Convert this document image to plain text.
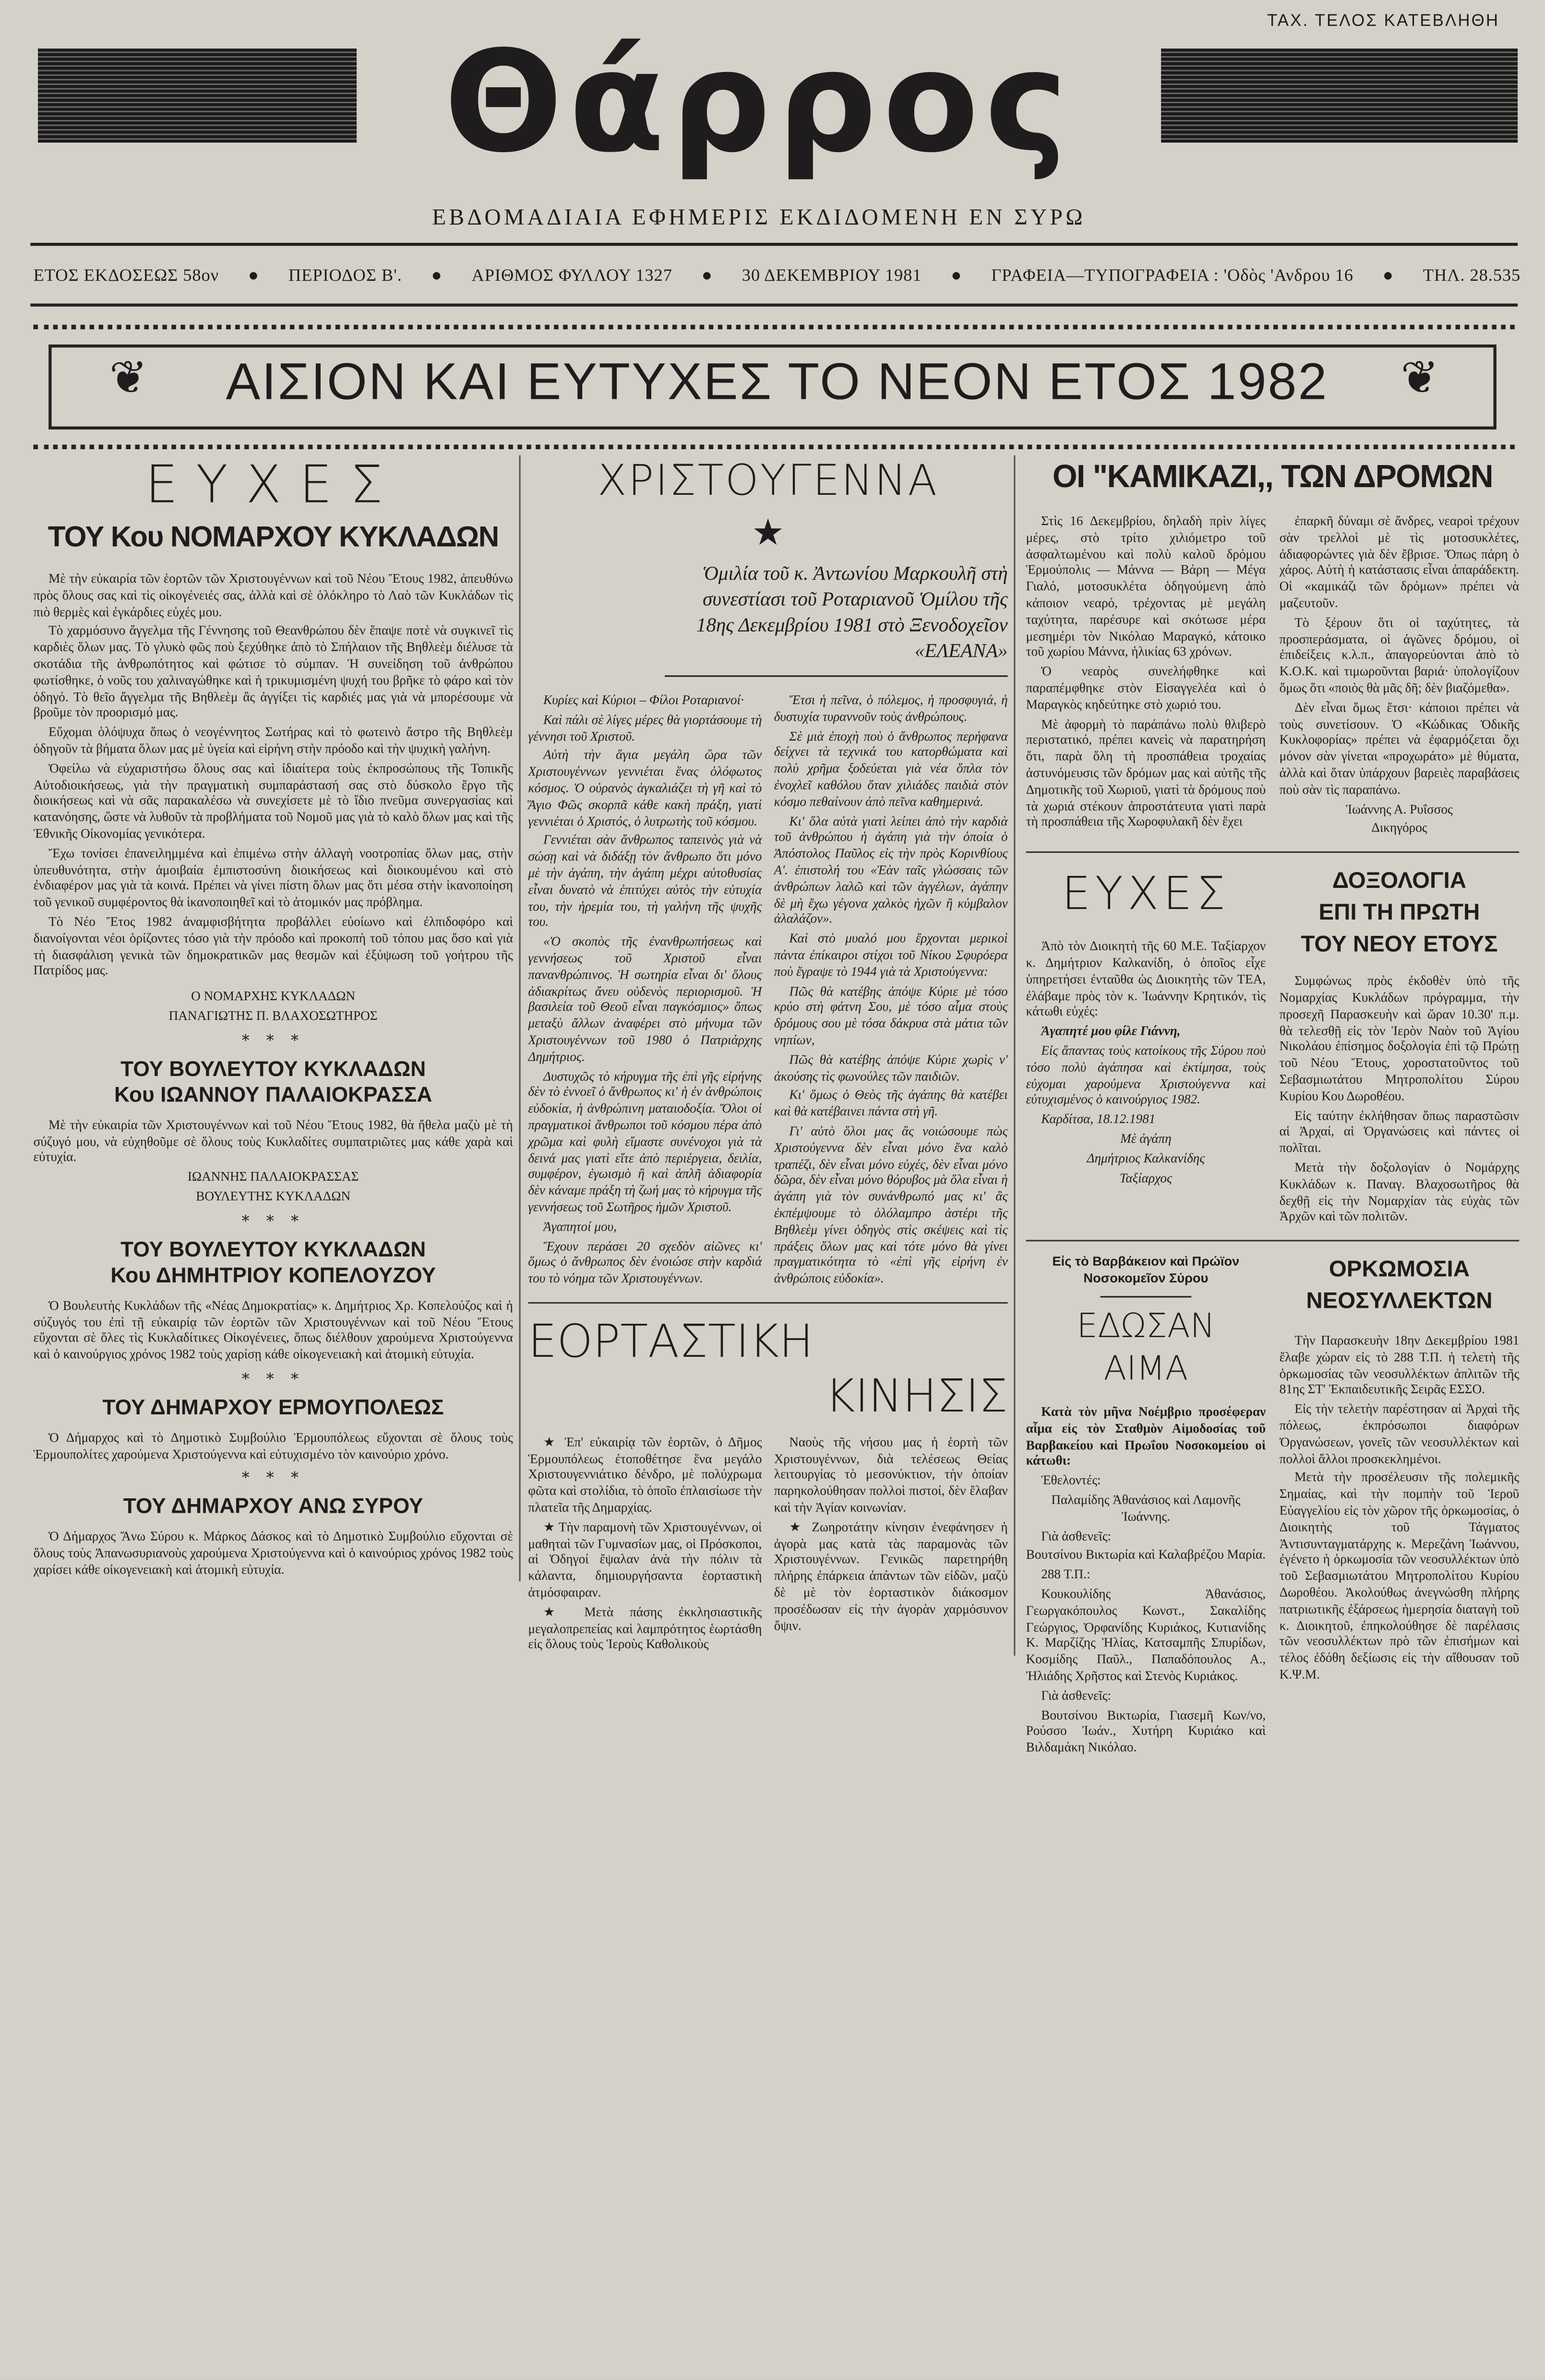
ΤΑΧ. ΤΕΛΟΣ ΚΑΤΕΒΛΗΘΗ
Θάρρος
ΕΒΔΟΜΑΔΙΑΙΑ ΕΦΗΜΕΡΙΣ ΕΚΔΙΔΟΜΕΝΗ ΕΝ ΣΥΡΩ
ΕΤΟΣ ΕΚΔΟΣΕΩΣ 58ον	●	ΠΕΡΙΟΔΟΣ Β'.	●	ΑΡΙΘΜΟΣ ΦΥΛΛΟΥ 1327	●	30 ΔΕΚΕΜΒΡΙΟΥ 1981	●	ΓΡΑΦΕΙΑ—ΤΥΠΟΓΡΑΦΕΙΑ : 'Οδὸς 'Ανδρου 16	●	ΤΗΛ. 28.535
❦	❦
ΑΙΣΙΟΝ ΚΑΙ ΕΥΤΥΧΕΣ ΤΟ ΝΕΟΝ ΕΤΟΣ 1982
ΕΥΧΕΣ
ΤΟΥ Κου ΝΟΜΑΡΧΟΥ ΚΥΚΛΑΔΩΝ

Μὲ τὴν εὐκαιρία τῶν ἑορτῶν τῶν Χριστουγέννων καὶ τοῦ Νέου Ἔτους 1982, ἀπευθύνω πρὸς ὅλους σας καὶ τὶς οἰκογένειές σας, ἀλλὰ καὶ σὲ ὁλόκληρο τὸ Λαὸ τῶν Κυκλάδων τὶς πιὸ θερμὲς καὶ ἐγκάρδιες εὐχές μου.

Τὸ χαρμόσυνο ἄγγελμα τῆς Γέννησης τοῦ Θεανθρώπου δὲν ἔπαψε ποτὲ νὰ συγκινεῖ τὶς καρδιὲς ὅλων μας. Τὸ γλυκὸ φῶς ποὺ ξεχύθηκε ἀπὸ τὸ Σπήλαιον τῆς Βηθλεὲμ διέλυσε τὰ σκοτάδια τῆς ἀνθρωπότητος καὶ φώτισε τὸ σύμπαν. Ἡ συνείδηση τοῦ ἀνθρώπου φωτίσθηκε, ὁ νοῦς του χαλιναγώθηκε καὶ ἡ τρικυμισμένη ψυχή του βρῆκε τὸ φάρο καὶ τὸν ὁδηγό. Τὸ θεῖο ἄγγελμα τῆς Βηθλεὲμ ἂς ἀγγίξει τὶς καρδιές μας γιὰ νὰ μπορέσουμε νὰ βροῦμε τὸν προορισμό μας.

Εὔχομαι ὁλόψυχα ὅπως ὁ νεογέννητος Σωτήρας καὶ τὸ φωτεινὸ ἄστρο τῆς Βηθλεὲμ ὁδηγοῦν τὰ βήματα ὅλων μας μὲ ὑγεία καὶ εἰρήνη στὴν πρόοδο καὶ τὴν ψυχικὴ γαλήνη.

Ὀφείλω νὰ εὐχαριστήσω ὅλους σας καὶ ἰδιαίτερα τοὺς ἐκπροσώπους τῆς Τοπικῆς Αὐτοδιοικήσεως, γιὰ τὴν πραγματικὴ συμπαράστασή σας στὸ δύσκολο ἔργο τῆς διοικήσεως καὶ νὰ σᾶς παρακαλέσω νὰ συνεχίσετε μὲ τὸ ἴδιο πνεῦμα συνεργασίας καὶ κατανόησης, ὥστε νὰ λυθοῦν τὰ προβλήματα τοῦ Νομοῦ μας γιὰ τὸ καλὸ ὅλων μας καὶ τῆς Ἐθνικῆς Οἰκονομίας γενικότερα.

Ἔχω τονίσει ἐπανειλημμένα καὶ ἐπιμένω στὴν ἀλλαγὴ νοοτροπίας ὅλων μας, στὴν ὑπευθυνότητα, στὴν ἀμοιβαία ἐμπιστοσύνη διοικήσεως καὶ διοικουμένου καὶ στὸ ἐνδιαφέρον μας γιὰ τὰ κοινά. Πρέπει νὰ γίνει πίστη ὅλων μας ὅτι μέσα στὴν ἱκανοποίηση τοῦ γενικοῦ συμφέροντος θὰ ἱκανοποιηθεῖ καὶ τὸ ἀτομικόν μας πρόβλημα.

Τὸ Νέο Ἔτος 1982 ἀναμφισβήτητα προβάλλει εὐοίωνο καὶ ἐλπιδοφόρο καὶ διανοίγονται νέοι ὁρίζοντες τόσο γιὰ τὴν πρόοδο καὶ προκοπὴ τοῦ τόπου μας ὅσο καὶ γιὰ τὴ διασφάλιση γενικὰ τῶν δημοκρατικῶν μας θεσμῶν καὶ ἐξύψωση τοῦ γοήτρου τῆς Πατρίδος μας.

Ο ΝΟΜΑΡΧΗΣ ΚΥΚΛΑΔΩΝ

ΠΑΝΑΓΙΩΤΗΣ Π. ΒΛΑΧΟΣΩΤΗΡΟΣ

* * *
ΤΟΥ ΒΟΥΛΕΥΤΟΥ ΚΥΚΛΑΔΩΝ
Κου ΙΩΑΝΝΟΥ ΠΑΛΑΙΟΚΡΑΣΣΑ

Μὲ τὴν εὐκαιρία τῶν Χριστουγέννων καὶ τοῦ Νέου Ἔτους 1982, θὰ ἤθελα μαζὺ μὲ τὴ σύζυγό μου, νὰ εὐχηθοῦμε σὲ ὅλους τοὺς Κυκλαδίτες συμπατριῶτες μας κάθε χαρὰ καὶ εὐτυχία.

ΙΩΑΝΝΗΣ ΠΑΛΑΙΟΚΡΑΣΣΑΣ

ΒΟΥΛΕΥΤΗΣ ΚΥΚΛΑΔΩΝ

* * *
ΤΟΥ ΒΟΥΛΕΥΤΟΥ ΚΥΚΛΑΔΩΝ
Κου ΔΗΜΗΤΡΙΟΥ ΚΟΠΕΛΟΥΖΟΥ

Ὁ Βουλευτὴς Κυκλάδων τῆς «Νέας Δημοκρατίας» κ. Δημήτριος Χρ. Κοπελούζος καὶ ἡ σύζυγός του ἐπὶ τῇ εὐκαιρίᾳ τῶν ἑορτῶν τῶν Χριστουγέννων καὶ τοῦ Νέου Ἔτους εὔχονται σὲ ὅλες τὶς Κυκλαδίτικες Οἰκογένειες, ὅπως διέλθουν χαρούμενα Χριστούγεννα καὶ ὁ καινούργιος χρόνος 1982 τοὺς χαρίσῃ κάθε οἰκογενειακὴ καὶ ἀτομικὴ εὐτυχία.

* * *
ΤΟΥ ΔΗΜΑΡΧΟΥ ΕΡΜΟΥΠΟΛΕΩΣ

Ὁ Δήμαρχος καὶ τὸ Δημοτικὸ Συμβούλιο Ἑρμουπόλεως εὔχονται σὲ ὅλους τοὺς Ἑρμουπολίτες χαρούμενα Χριστούγεννα καὶ εὐτυχισμένο τὸν καινούριο χρόνο.

* * *
ΤΟΥ ΔΗΜΑΡΧΟΥ ΑΝΩ ΣΥΡΟΥ

Ὁ Δήμαρχος Ἄνω Σύρου κ. Μάρκος Δάσκος καὶ τὸ Δημοτικὸ Συμβούλιο εὔχονται σὲ ὅλους τοὺς Ἀπανωσυριανοὺς χαρούμενα Χριστούγεννα καὶ ὁ καινούριος χρόνος 1982 τοὺς χαρίσει κάθε οἰκογενειακὴ καὶ ἀτομικὴ εὐτυχία.

ΧΡΙΣΤΟΥΓΕΝΝΑ
★
Ὁμιλία τοῦ κ. Ἀντωνίου Μαρκουλῆ στὴ συνεστίασι τοῦ Ροταριανοῦ Ὁμίλου τῆς 18ης Δεκεμβρίου 1981 στὸ Ξενοδοχεῖον «ΕΛΕΑΝΑ»

Κυρίες καὶ Κύριοι – Φίλοι Ροταριανοί·

Καὶ πάλι σὲ λίγες μέρες θὰ γιορτάσουμε τὴ γέννησι τοῦ Χριστοῦ.

Αὐτὴ τὴν ἅγια μεγάλη ὥρα τῶν Χριστουγέννων γεννιέται ἕνας ὁλόφωτος κόσμος. Ὁ οὐρανὸς ἀγκαλιάζει τὴ γῆ καὶ τὸ Ἅγιο Φῶς σκορπᾶ κάθε κακὴ πράξη, γιατὶ γεννιέται ὁ Χριστός, ὁ λυτρωτὴς τοῦ κόσμου.

Γεννιέται σὰν ἄνθρωπος ταπεινὸς γιὰ νὰ σώσῃ καὶ νὰ διδάξῃ τὸν ἄνθρωπο ὅτι μόνο μὲ τὴν ἀγάπη, τὴν ἀγάπη μέχρι αὐτοθυσίας εἶναι δυνατὸ νὰ ἐπιτύχει αὐτὸς τὴν εὐτυχία του, τὴν ἠρεμία του, τὴ γαλήνη τῆς ψυχῆς του.

«Ὁ σκοπὸς τῆς ἐνανθρωπήσεως καὶ γεννήσεως τοῦ Χριστοῦ εἶναι πανανθρώπινος. Ἡ σωτηρία εἶναι δι' ὅλους ἀδιακρίτως ἄνευ οὐδενὸς περιορισμοῦ. Ἡ βασιλεία τοῦ Θεοῦ εἶναι παγκόσμιος» ὅπως μεταξὺ ἄλλων ἀναφέρει στὸ μήνυμα τῶν Χριστουγέννων τοῦ 1980 ὁ Πατριάρχης Δημήτριος.

Δυστυχῶς τὸ κήρυγμα τῆς ἐπὶ γῆς εἰρήνης δὲν τὸ ἐννοεῖ ὁ ἄνθρωπος κι' ἡ ἐν ἀνθρώποις εὐδοκία, ἡ ἀνθρώπινη ματαιοδοξία. Ὅλοι οἱ πραγματικοὶ ἄνθρωποι τοῦ κόσμου πέρα ἀπὸ χρῶμα καὶ φυλὴ εἴμαστε συνένοχοι γιὰ τὰ δεινά μας γιατὶ εἴτε ἀπὸ περιέργεια, δειλία, συμφέρον, ἐγωισμὸ ἢ καὶ ἁπλῆ ἀδιαφορία δὲν κάναμε πράξη τὴ ζωή μας τὸ κήρυγμα τῆς γεννήσεως τοῦ Σωτῆρος ἡμῶν Χριστοῦ.

Ἀγαπητοί μου,

Ἔχουν περάσει 20 σχεδὸν αἰῶνες κι' ὅμως ὁ ἄνθρωπος δὲν ἐνοιώσε στὴν καρδιά του τὸ νόημα τῶν Χριστουγέννων.

Ἔτσι ἡ πεῖνα, ὁ πόλεμος, ἡ προσφυγιά, ἡ δυστυχία τυραννοῦν τοὺς ἀνθρώπους.

Σὲ μιὰ ἐποχὴ ποὺ ὁ ἄνθρωπος περήφανα δείχνει τὰ τεχνικά του κατορθώματα καὶ πολὺ χρῆμα ξοδεύεται γιὰ νέα ὅπλα τὸν ἐνοχλεῖ καθόλου ὅταν χιλιάδες παιδιὰ στὸν κόσμο πεθαίνουν ἀπὸ πεῖνα καθημερινά.

Κι' ὅλα αὐτὰ γιατὶ λείπει ἀπὸ τὴν καρδιὰ τοῦ ἀνθρώπου ἡ ἀγάπη γιὰ τὴν ὁποία ὁ Ἀπόστολος Παῦλος εἰς τὴν πρὸς Κορινθίους Α'. ἐπιστολή του «Ἐὰν ταῖς γλώσσαις τῶν ἀνθρώπων λαλῶ καὶ τῶν ἀγγέλων, ἀγάπην δὲ μὴ ἔχω γέγονα χαλκὸς ἠχῶν ἢ κύμβαλον ἀλαλάζον».

Καὶ στὸ μυαλό μου ἔρχονται μερικοὶ πάντα ἐπίκαιροι στίχοι τοῦ Νίκου Σφυρόερα ποὺ ἔγραψε τὸ 1944 γιὰ τὰ Χριστούγεννα:

Πῶς θὰ κατέβης ἀπόψε Κύριε μὲ τόσο κρύο στὴ φάτνη Σου, μὲ τόσο αἷμα στοὺς δρόμους σου μὲ τόσα δάκρυα στὰ μάτια τῶν νηπίων,

Πῶς θὰ κατέβης ἀπόψε Κύριε χωρὶς ν' ἀκούσης τὶς φωνούλες τῶν παιδιῶν.

Κι' ὅμως ὁ Θεὸς τῆς ἀγάπης θὰ κατέβει καὶ θὰ κατέβαινει πάντα στὴ γῆ.

Γι' αὐτὸ ὅλοι μας ἂς νοιώσουμε πὼς Χριστούγεννα δὲν εἶναι μόνο ἕνα καλὸ τραπέζι, δὲν εἶναι μόνο εὐχές, δὲν εἶναι μόνο δῶρα, δὲν εἶναι μόνο θόρυβος μὰ ὅλα εἶναι ἡ ἀγάπη γιὰ τὸν συνάνθρωπό μας κι' ἂς ἐκπέμψουμε τὸ ὁλόλαμπρο ἀστέρι τῆς Βηθλεὲμ γίνει ὁδηγὸς στὶς σκέψεις καὶ τὶς πράξεις ὅλων μας καὶ τότε μόνο θὰ γίνει πραγματικότητα τὸ «ἐπὶ γῆς εἰρήνη ἐν ἀνθρώποις εὐδοκία».

ΕΟΡΤΑΣΤΙΚΗ
ΚΙΝΗΣΙΣ

★ Ἐπ' εὐκαιρίᾳ τῶν ἑορτῶν, ὁ Δῆμος Ἑρμουπόλεως ἐτοποθέτησε ἕνα μεγάλο Χριστουγεννιάτικο δένδρο, μὲ πολύχρωμα φῶτα καὶ στολίδια, τὸ ὁποῖο ἐπλαισίωσε τὴν πλατεῖα τῆς Δημαρχίας.

★ Τὴν παραμονὴ τῶν Χριστουγέννων, οἱ μαθηταὶ τῶν Γυμνασίων μας, οἱ Πρόσκοποι, αἱ Ὁδηγοί ἔψαλαν ἀνὰ τὴν πόλιν τὰ κάλαντα, δημιουργήσαντα ἑορταστικὴ ἀτμόσφαιραν.

★ Μετὰ πάσης ἐκκλησιαστικῆς μεγαλοπρεπείας καὶ λαμπρότητος ἑωρτάσθη εἰς ὅλους τοὺς Ἱεροὺς Καθολικοὺς

Ναοὺς τῆς νήσου μας ἡ ἑορτὴ τῶν Χριστουγέννων, διὰ τελέσεως Θείας λειτουργίας τὸ μεσονύκτιον, τὴν ὁποίαν παρηκολούθησαν πολλοὶ πιστοί, δὲν ἔλαβαν καὶ τὴν Ἁγίαν κοινωνίαν.

★ Ζωηροτάτην κίνησιν ἐνεφάνησεν ἡ ἀγορὰ μας κατὰ τὰς παραμονὰς τῶν Χριστουγέννων. Γενικῶς παρετηρήθη πλήρης ἐπάρκεια ἁπάντων τῶν εἰδῶν, μαζὺ δὲ μὲ τὸν ἑορταστικὸν διάκοσμον προσέδωσαν εἰς τὴν ἀγορὰν χαρμόσυνον ὄψιν.

ΟΙ "ΚΑΜΙΚΑΖΙ,, ΤΩΝ ΔΡΟΜΩΝ

Στὶς 16 Δεκεμβρίου, δηλαδὴ πρὶν λίγες μέρες, στὸ τρίτο χιλιόμετρο τοῦ ἀσφαλτωμένου καὶ πολὺ καλοῦ δρόμου Ἑρμούπολις — Μάννα — Βάρη — Μέγα Γιαλό, μοτοσυκλέτα ὁδηγούμενη ἀπὸ κάποιον νεαρό, τρέχοντας μὲ μεγάλη ταχύτητα, παρέσυρε καὶ σκότωσε μέρα μεσημέρι τὸν Νικόλαο Μαραγκό, κάτοικο τοῦ χωρίου Μάννα, ἡλικίας 63 χρόνων.

Ὁ νεαρὸς συνελήφθηκε καὶ παραπέμφθηκε στὸν Εἰσαγγελέα καὶ ὁ Μαραγκὸς κηδεύτηκε στὸ χωριό του.

Μὲ ἀφορμὴ τὸ παράπάνω πολὺ θλιβερὸ περιστατικό, πρέπει κανεὶς νὰ παρατηρήση ὅτι, παρὰ ὅλη τὴ προσπάθεια τροχαίας ἀστυνόμευσις τῶν δρόμων μας καὶ αὐτῆς τῆς Δημοτικῆς τοῦ Χωριοῦ, γιατὶ τὰ δρόμους ποὺ τὰ χωριά στέκουν ἀπροστάτευτα γιατὶ παρὰ τὴ προσπάθεια τῆς Χωροφυλακῆ δὲν ἔχει

ἐπαρκῆ δύναμι σὲ ἄνδρες, νεαροὶ τρέχουν σὰν τρελλοὶ μὲ τὶς μοτοσυκλέτες, ἀδιαφορώντες γιὰ δὲν ἔβρισε. Ὅπως πάρη ὁ χάρος. Αὐτὴ ἡ κατάστασις εἶναι ἀπαράδεκτη. Οἱ «καμικάζι τῶν δρόμων» πρέπει νὰ μαζευτοῦν.

Τὸ ξέρουν ὅτι οἱ ταχύτητες, τὰ προσπεράσματα, οἱ ἀγῶνες δρόμου, οἱ ἐπιδείξεις κ.λ.π., ἀπαγορεύονται ἀπὸ τὸ Κ.Ο.Κ. καὶ τιμωροῦνται βαριά· ὑπολογίζουν ὅμως ὅτι «ποιὸς θὰ μᾶς δῆ; δὲν βιαζόμεθα».

Δὲν εἶναι ὅμως ἔτσι· κάποιοι πρέπει νὰ τοὺς συνετίσουν. Ὁ «Κώδικας Ὁδικῆς Κυκλοφορίας» πρέπει νὰ ἐφαρμόζεται ὄχι μόνον σὰν γίνεται «προχωράτο» μὲ θύματα, ἀλλὰ καὶ ὅταν ὑπάρχουν βαρειὲς παραβάσεις ποὺ σὰν τὶς παραπάνω.

Ἰωάννης Α. Ρυΐσσος

Δικηγόρος

ΕΥΧΕΣ

Ἀπὸ τὸν Διοικητὴ τῆς 60 Μ.Ε. Ταξίαρχον κ. Δημήτριον Καλκανίδη, ὁ ὁποῖος εἶχε ὑπηρετήσει ἐνταῦθα ὡς Διοικητὴς τῶν ΤΕΑ, ἐλάβαμε πρὸς τὸν κ. Ἰωάννην Κρητικόν, τὶς κάτωθι εὐχές:

Ἀγαπητέ μου φίλε Γιάννη,

Εἰς ἅπαντας τοὺς κατοίκους τῆς Σύρου ποὺ τόσο πολὺ ἀγάπησα καὶ ἐκτίμησα, τοὺς εὐχομαι χαρούμενα Χριστούγεννα καὶ εὐτυχισμένος ὁ καινούργιος 1982.

Καρδίτσα, 18.12.1981

Μὲ ἀγάπη

Δημήτριος Καλκανίδης

Ταξίαρχος

ΔΟΞΟΛΟΓΙΑ
ΕΠΙ ΤΗ ΠΡΩΤΗ
ΤΟΥ ΝΕΟΥ ΕΤΟΥΣ

Συμφώνως πρὸς ἐκδοθὲν ὑπὸ τῆς Νομαρχίας Κυκλάδων πρόγραμμα, τὴν προσεχῆ Παρασκευὴν καὶ ὥραν 10.30' π.μ. θὰ τελεσθῇ εἰς τὸν Ἱερὸν Ναὸν τοῦ Ἁγίου Νικολάου ἐπίσημος δοξολογία ἐπὶ τῷ Πρώτῃ τοῦ Νέου Ἔτους, χοροστατοῦντος τοῦ Σεβασμιωτάτου Μητροπολίτου Σύρου Κυρίου Κου Δωροθέου.

Εἰς ταύτην ἐκλήθησαν ὅπως παραστῶσιν αἱ Ἀρχαί, αἱ Ὀργανώσεις καὶ πάντες οἱ πολῖται.

Μετὰ τὴν δοξολογίαν ὁ Νομάρχης Κυκλάδων κ. Παναγ. Βλαχοσωτῆρος θὰ δεχθῇ εἰς τὴν Νομαρχίαν τὰς εὐχὰς τῶν Ἀρχῶν καὶ τῶν πολιτῶν.

Εἰς τὸ Βαρβάκειον καὶ Πρώϊον Νοσοκομεῖον Σύρου
ΕΔΩΣΑΝ
ΑΙΜΑ

Κατὰ τὸν μῆνα Νοέμβριο προσέφεραν αἷμα εἰς τὸν Σταθμὸν Αἱμοδοσίας τοῦ Βαρβακείου καὶ Πρωΐου Νοσοκομείου οἱ κάτωθι:

Ἐθελοντές:

Παλαμίδης Ἀθανάσιος καὶ Λαμονῆς Ἰωάννης.

Γιὰ ἀσθενεῖς:

Βουτσίνου Βικτωρία καὶ Καλαβρέζου Μαρία.

288 Τ.Π.:

Κουκουλίδης Ἀθανάσιος, Γεωργακόπουλος Κωνστ., Σακαλίδης Γεώργιος, Ὀρφανίδης Κυριάκος, Κυτιανίδης Κ. Μαρζίζης Ἠλίας, Κατσαμπῆς Σπυρίδων, Κοσμίδης Παῦλ., Παπαδόπουλος Α., Ἠλιάδης Χρῆστος καὶ Στενὸς Κυριάκος.

Γιὰ ἀσθενεῖς:

Βουτσίνου Βικτωρία, Γιασεμῆ Κων/νο, Ρούσσο Ἰωάν., Χυτήρη Κυριάκο καὶ Βιλδαμάκη Νικόλαο.

ΟΡΚΩΜΟΣΙΑ
ΝΕΟΣΥΛΛΕΚΤΩΝ

Τὴν Παρασκευὴν 18ην Δεκεμβρίου 1981 ἔλαβε χώραν εἰς τὸ 288 Τ.Π. ἡ τελετὴ τῆς ὁρκωμοσίας τῶν νεοσυλλέκτων ἀπλιτῶν τῆς 81ης ΣΤ' Ἐκπαιδευτικῆς Σειρᾶς ΕΣΣΟ.

Εἰς τὴν τελετὴν παρέστησαν αἱ Ἀρχαὶ τῆς πόλεως, ἐκπρόσωποι διαφόρων Ὀργανώσεων, γονεῖς τῶν νεοσυλλέκτων καὶ πολλοὶ ἄλλοι προσκεκλημένοι.

Μετὰ τὴν προσέλευσιν τῆς πολεμικῆς Σημαίας, καὶ τὴν πομπὴν τοῦ Ἱεροῦ Εὐαγγελίου εἰς τὸν χῶρον τῆς ὁρκωμοσίας, ὁ Διοικητὴς τοῦ Τάγματος Ἀντισυνταγματάρχης κ. Μερεζάνη Ἰωάννου, ἐγένετο ἡ ὁρκωμοσία τῶν νεοσυλλέκτων ὑπὸ τοῦ Σεβασμιωτάτου Μητροπολίτου Κυρίου Δωροθέου. Ἀκολούθως ἀνεγνώσθη πλήρης πατριωτικῆς ἐξάρσεως ἡμερησία διαταγὴ τοῦ κ. Διοικητοῦ, ἐπηκολούθησε δὲ παρέλασις τῶν νεοσυλλέκτων πρὸ τῶν ἐπισήμων καὶ τέλος ἐδόθη δεξίωσις εἰς τὴν αἴθουσαν τοῦ Κ.Ψ.Μ.
